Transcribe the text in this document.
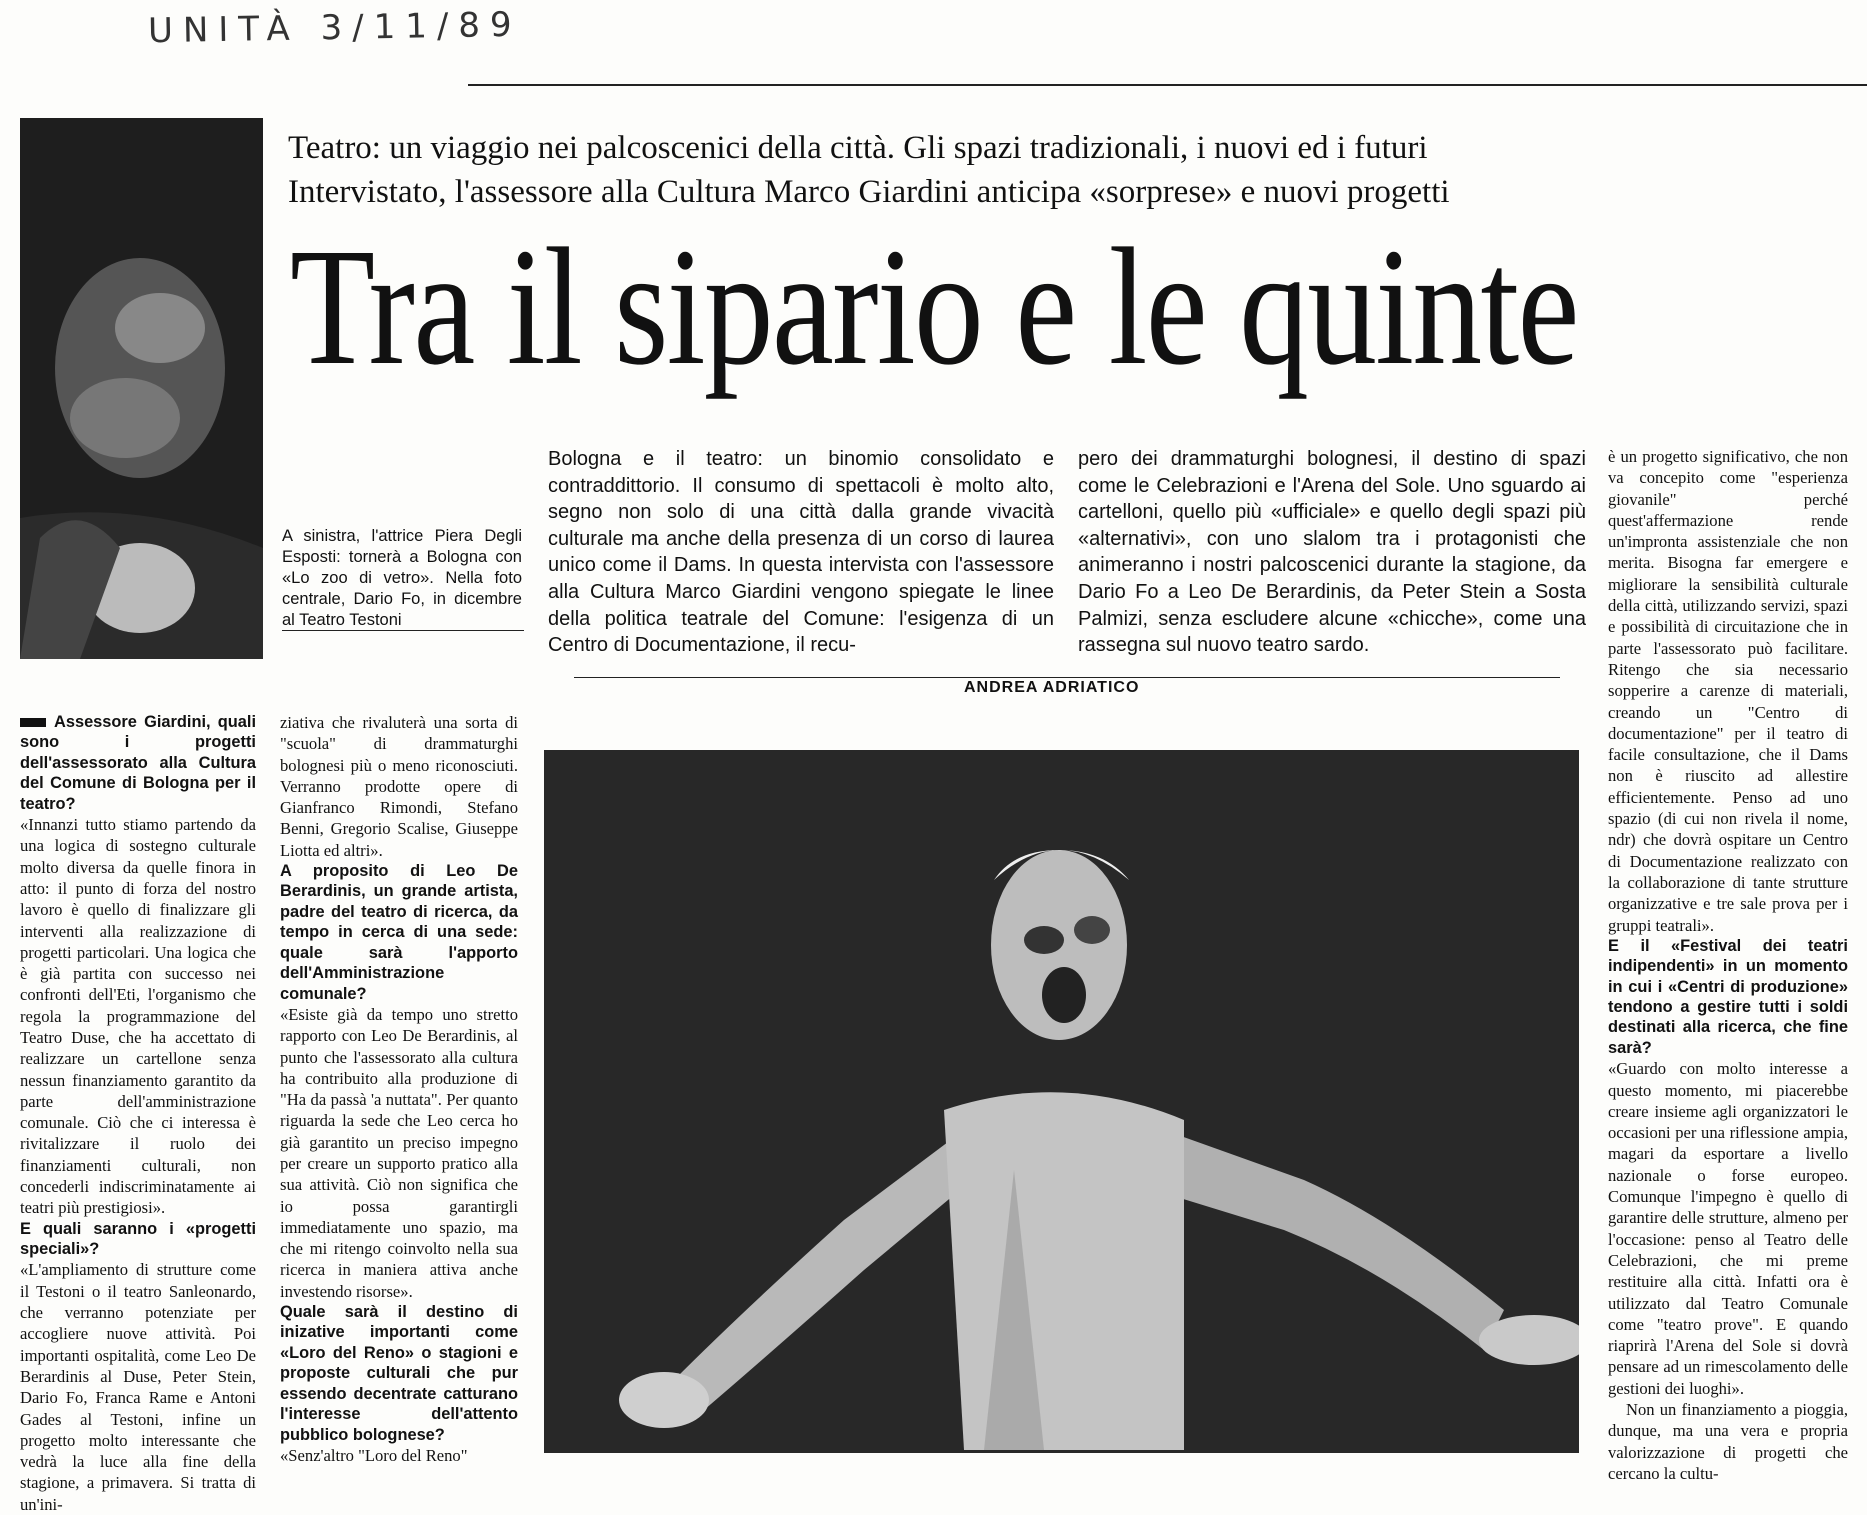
UNITÀ 3/11/89
Teatro: un viaggio nei palcoscenici della città. Gli spazi tradizionali, i nuovi ed i futuri
Intervistato, l'assessore alla Cultura Marco Giardini anticipa «sorprese» e nuovi progetti
Tra il sipario e le quinte
A sinistra, l'attrice Piera Degli Esposti: tornerà a Bologna con «Lo zoo di vetro». Nella foto centrale, Dario Fo, in dicembre al Teatro Testoni
Bologna e il teatro: un binomio consolidato e contraddittorio. Il consumo di spettacoli è molto alto, segno non solo di una città dalla grande vivacità culturale ma anche della presenza di un corso di laurea unico come il Dams. In questa intervista con l'assessore alla Cultura Marco Giardini vengono spiegate le linee della politica teatrale del Comune: l'esigenza di un Centro di Documentazione, il recu-
pero dei drammaturghi bolognesi, il destino di spazi come le Celebrazioni e l'Arena del Sole. Uno sguardo ai cartelloni, quello più «ufficiale» e quello degli spazi più «alternativi», con uno slalom tra i protagonisti che animeranno i nostri palcoscenici durante la stagione, da Dario Fo a Leo De Berardinis, da Peter Stein a Sosta Palmizi, senza escludere alcune «chicche», come una rassegna sul nuovo teatro sardo.
ANDREA ADRIATICO

Assessore Giardini, quali sono i progetti dell'assessorato alla Cultura del Comune di Bologna per il teatro?

«Innanzi tutto stiamo partendo da una logica di sostegno culturale molto diversa da quelle finora in atto: il punto di forza del nostro lavoro è quello di finalizzare gli interventi alla realizzazione di progetti particolari. Una logica che è già partita con successo nei confronti dell'Eti, l'organismo che regola la programmazione del Teatro Duse, che ha accettato di realizzare un cartellone senza nessun finanziamento garantito da parte dell'amministrazione comunale. Ciò che ci interessa è rivitalizzare il ruolo dei finanziamenti culturali, non concederli indiscriminatamente ai teatri più prestigiosi».

E quali saranno i «progetti speciali»?

«L'ampliamento di strutture come il Testoni o il teatro Sanleonardo, che verranno potenziate per accogliere nuove attività. Poi importanti ospitalità, come Leo De Berardinis al Duse, Peter Stein, Dario Fo, Franca Rame e Antoni Gades al Testoni, infine un progetto molto interessante che vedrà la luce alla fine della stagione, a primavera. Si tratta di un'ini-

ziativa che rivaluterà una sorta di "scuola" di drammaturghi bolognesi più o meno riconosciuti. Verranno prodotte opere di Gianfranco Rimondi, Stefano Benni, Gregorio Scalise, Giuseppe Liotta ed altri».

A proposito di Leo De Berardinis, un grande artista, padre del teatro di ricerca, da tempo in cerca di una sede: quale sarà l'apporto dell'Amministrazione comunale?

«Esiste già da tempo uno stretto rapporto con Leo De Berardinis, al punto che l'assessorato alla cultura ha contribuito alla produzione di "Ha da passà 'a nuttata". Per quanto riguarda la sede che Leo cerca ho già garantito un preciso impegno per creare un supporto pratico alla sua attività. Ciò non significa che io possa garantirgli immediatamente uno spazio, ma che mi ritengo coinvolto nella sua ricerca in maniera attiva anche investendo risorse».

Quale sarà il destino di inizative importanti come «Loro del Reno» o stagioni e proposte culturali che pur essendo decentrate catturano l'interesse dell'attento pubblico bolognese?

«Senz'altro "Loro del Reno"

è un progetto significativo, che non va concepito come "esperienza giovanile" perché quest'affermazione rende un'impronta assistenziale che non merita. Bisogna far emergere e migliorare la sensibilità culturale della città, utilizzando servizi, spazi e possibilità di circuitazione che in parte l'assessorato può facilitare. Ritengo che sia necessario sopperire a carenze di materiali, creando un "Centro di documentazione" per il teatro di facile consultazione, che il Dams non è riuscito ad allestire efficientemente. Penso ad uno spazio (di cui non rivela il nome, ndr) che dovrà ospitare un Centro di Documentazione realizzato con la collaborazione di tante strutture organizzative e tre sale prova per i gruppi teatrali».

E il «Festival dei teatri indipendenti» in un momento in cui i «Centri di produzione» tendono a gestire tutti i soldi destinati alla ricerca, che fine sarà?

«Guardo con molto interesse a questo momento, mi piacerebbe creare insieme agli organizzatori le occasioni per una riflessione ampia, magari da esportare a livello nazionale o forse europeo. Comunque l'impegno è quello di garantire delle strutture, almeno per l'occasione: penso al Teatro delle Celebrazioni, che mi preme restituire alla città. Infatti ora è utilizzato dal Teatro Comunale come "teatro prove". E quando riaprirà l'Arena del Sole si dovrà pensare ad un rimescolamento delle gestioni dei luoghi».

Non un finanziamento a pioggia, dunque, ma una vera e propria valorizzazione di progetti che cercano la cultu-
